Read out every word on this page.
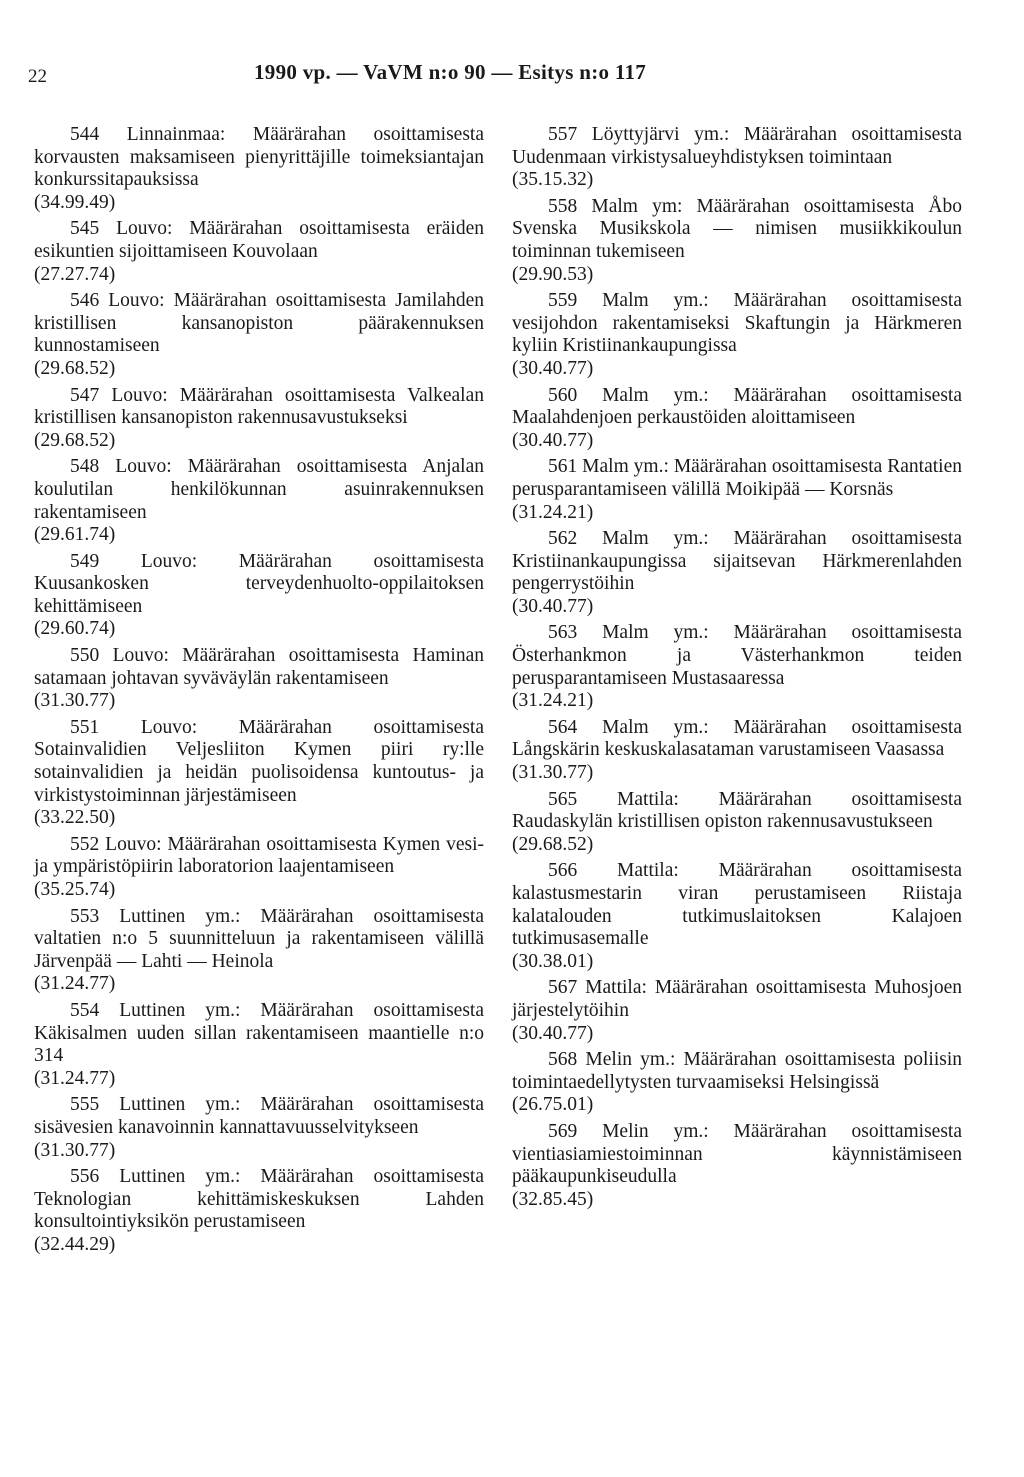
22	1990 vp. — VaVM n:o 90 — Esitys n:o 117
544 Linnainmaa: Määrärahan osoittamisesta korvausten maksamiseen pienyrittäjille toimeksiantajan konkurssitapauksissa
(34.99.49)
545 Louvo: Määrärahan osoittamisesta eräiden esikuntien sijoittamiseen Kouvolaan
(27.27.74)
546 Louvo: Määrärahan osoittamisesta Jamilahden kristillisen kansanopiston päärakennuksen kunnostamiseen
(29.68.52)
547 Louvo: Määrärahan osoittamisesta Valkealan kristillisen kansanopiston rakennusavustukseksi
(29.68.52)
548 Louvo: Määrärahan osoittamisesta Anjalan koulutilan henkilökunnan asuinrakennuksen rakentamiseen
(29.61.74)
549 Louvo: Määrärahan osoittamisesta Kuusankosken terveydenhuolto-oppilaitoksen kehittämiseen
(29.60.74)
550 Louvo: Määrärahan osoittamisesta Haminan satamaan johtavan syväväylän rakentamiseen
(31.30.77)
551 Louvo: Määrärahan osoittamisesta Sotainvalidien Veljesliiton Kymen piiri ry:lle sotainvalidien ja heidän puolisoidensa kuntoutus- ja virkistystoiminnan järjestämiseen
(33.22.50)
552 Louvo: Määrärahan osoittamisesta Kymen vesi- ja ympäristöpiirin laboratorion laajentamiseen
(35.25.74)
553 Luttinen ym.: Määrärahan osoittamisesta valtatien n:o 5 suunnitteluun ja rakentamiseen välillä Järvenpää — Lahti — Heinola
(31.24.77)
554 Luttinen ym.: Määrärahan osoittamisesta Käkisalmen uuden sillan rakentamiseen maantielle n:o 314
(31.24.77)
555 Luttinen ym.: Määrärahan osoittamisesta sisävesien kanavoinnin kannattavuusselvitykseen
(31.30.77)
556 Luttinen ym.: Määrärahan osoittamisesta Teknologian kehittämiskeskuksen Lahden konsultointiyksikön perustamiseen
(32.44.29)
557 Löyttyjärvi ym.: Määrärahan osoittamisesta Uudenmaan virkistysalueyhdistyksen toimintaan
(35.15.32)
558 Malm ym: Määrärahan osoittamisesta Åbo Svenska Musikskola — nimisen musiikkikoulun toiminnan tukemiseen
(29.90.53)
559 Malm ym.: Määrärahan osoittamisesta vesijohdon rakentamiseksi Skaftungin ja Härkmeren kyliin Kristiinankaupungissa
(30.40.77)
560 Malm ym.: Määrärahan osoittamisesta Maalahdenjoen perkaustöiden aloittamiseen
(30.40.77)
561 Malm ym.: Määrärahan osoittamisesta Rantatien perusparantamiseen välillä Moikipää — Korsnäs
(31.24.21)
562 Malm ym.: Määrärahan osoittamisesta Kristiinankaupungissa sijaitsevan Härkmerenlahden pengerrystöihin
(30.40.77)
563 Malm ym.: Määrärahan osoittamisesta Österhankmon ja Västerhankmon teiden perusparantamiseen Mustasaaressa
(31.24.21)
564 Malm ym.: Määrärahan osoittamisesta Långskärin keskuskalasataman varustamiseen Vaasassa
(31.30.77)
565 Mattila: Määrärahan osoittamisesta Raudaskylän kristillisen opiston rakennusavustukseen
(29.68.52)
566 Mattila: Määrärahan osoittamisesta kalastusmestarin viran perustamiseen Riistaja kalatalouden tutkimuslaitoksen Kalajoen tutkimusasemalle
(30.38.01)
567 Mattila: Määrärahan osoittamisesta Muhosjoen järjestelytöihin
(30.40.77)
568 Melin ym.: Määrärahan osoittamisesta poliisin toimintaedellytysten turvaamiseksi Helsingissä
(26.75.01)
569 Melin ym.: Määrärahan osoittamisesta vientiasiamiestoiminnan käynnistämiseen pääkaupunkiseudulla
(32.85.45)
